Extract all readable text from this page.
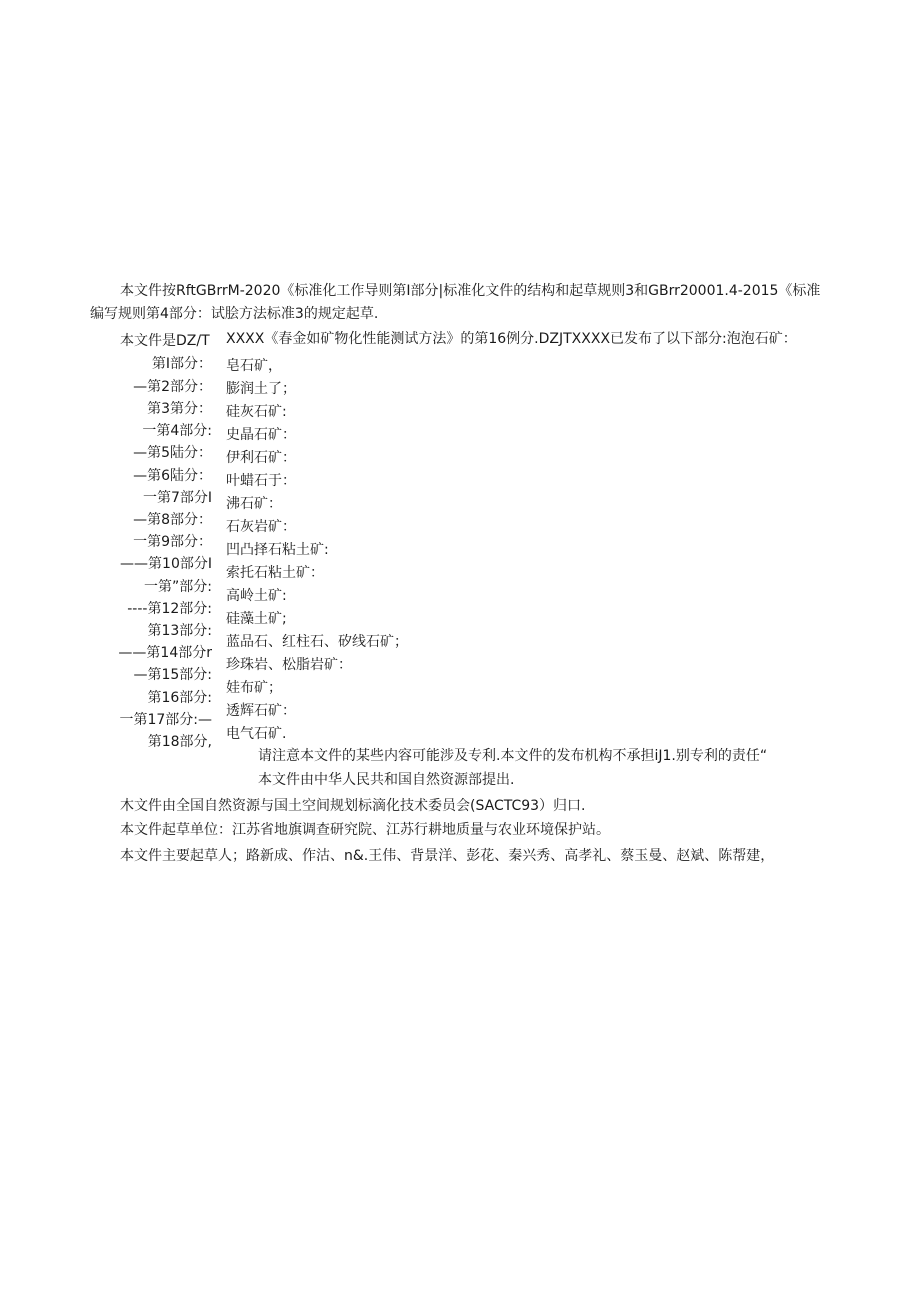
本文件按RftGBrrM-2020《标准化工作导则第I部分|标准化文件的结构和起草规则3和GBrr20001.4-2015《标准
编写规则第4部分：试脍方法标准3的规定起草.
本文件是DZ/T XXXX《春金如矿物化性能测试方法》的第16例分.DZJTXXXX已发布了以下部分:泡泡石矿：
第I部分： 皂石矿，
—第2部分： 膨润土了；
第3第分： 硅灰石矿:
一第4部分: 史晶石矿：
—第5陆分： 伊利石矿：
—第6陆分： 叶蜡石于：
一第7部分I 沸石矿：
—第8部分： 石灰岩矿：
一第9部分： 凹凸择石粘土矿:
——第10部分I
索托石粘土矿：
一第”部分:
高岭土矿:
----第12部分:
硅藻土矿;
第13部分:
蓝品石、红柱石、矽线石矿；
——第14部分r
珍珠岩、松脂岩矿：
—第15部分:
娃布矿；
第16部分:
透辉石矿：
一第17部分:—
电气石矿.
第18部分,
请注意本文件的某些内容可能涉及专利.本文件的发布机构不承担iJ1.别专利的责任“
本文件由中华人民共和国自然资源部提出.
木文件由全国自然资源与国土空间规划标滴化技术委员会(SACTC93）归口.
本文件起草单位：江苏省地旗调查研究院、江苏行耕地质量与农业环境保护站。
本文件主要起草人；路新成、作沽、n&.王伟、背景洋、彭花、秦兴秀、高孝礼、蔡玉曼、赵斌、陈帮建，
